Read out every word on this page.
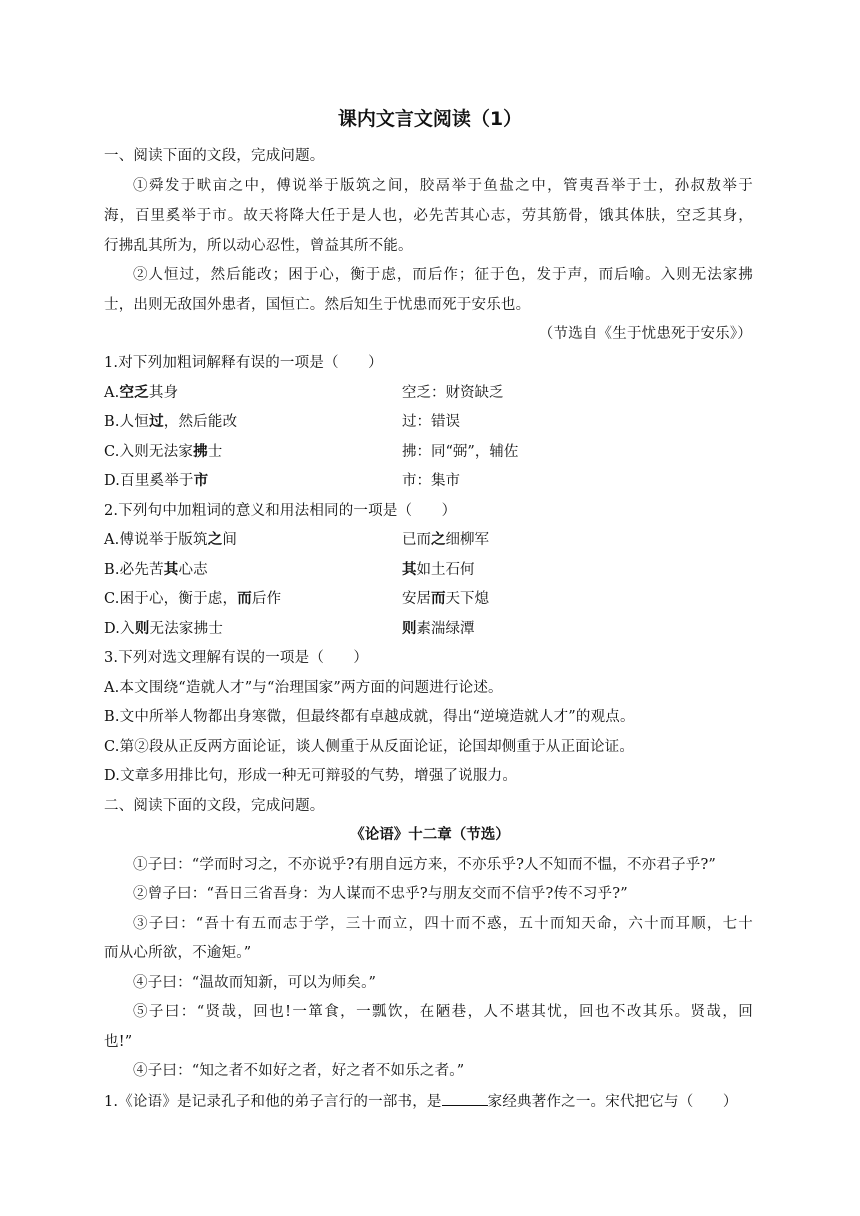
课内文言文阅读（1）
一、阅读下面的文段，完成问题。
①舜发于畎亩之中，傅说举于版筑之间，胶鬲举于鱼盐之中，管夷吾举于士，孙叔敖举于
海，百里奚举于市。故天将降大任于是人也，必先苦其心志，劳其筋骨，饿其体肤，空乏其身，
行拂乱其所为，所以动心忍性，曾益其所不能。
②人恒过，然后能改；困于心，衡于虑，而后作；征于色，发于声，而后喻。入则无法家拂
士，出则无敌国外患者，国恒亡。然后知生于忧患而死于安乐也。
（节选自《生于忧患死于安乐》）
1.对下列加粗词解释有误的一项是（　　）
A.空乏其身	空乏：财资缺乏
B.人恒过，然后能改	过：错误
C.入则无法家拂士	拂：同“弼”，辅佐
D.百里奚举于市	市：集市
2.下列句中加粗词的意义和用法相同的一项是（　　）
A.傅说举于版筑之间	已而之细柳军
B.必先苦其心志	其如土石何
C.困于心，衡于虑，而后作	安居而天下熄
D.入则无法家拂士	则素湍绿潭
3.下列对选文理解有误的一项是（　　）
A.本文围绕“造就人才”与“治理国家”两方面的问题进行论述。
B.文中所举人物都出身寒微，但最终都有卓越成就，得出“逆境造就人才”的观点。
C.第②段从正反两方面论证，谈人侧重于从反面论证，论国却侧重于从正面论证。
D.文章多用排比句，形成一种无可辩驳的气势，增强了说服力。
二、阅读下面的文段，完成问题。
《论语》十二章（节选）
①子曰：“学而时习之，不亦说乎?有朋自远方来，不亦乐乎?人不知而不愠，不亦君子乎?”
②曾子曰：“吾日三省吾身：为人谋而不忠乎?与朋友交而不信乎?传不习乎?”
③子曰：“吾十有五而志于学，三十而立，四十而不惑，五十而知天命，六十而耳顺，七十
而从心所欲，不逾矩。”
④子曰：“温故而知新，可以为师矣。”
⑤子曰：“贤哉，回也!一箪食，一瓢饮，在陋巷，人不堪其忧，回也不改其乐。贤哉，回
也!”
④子曰：“知之者不如好之者，好之者不如乐之者。”
1.《论语》是记录孔子和他的弟子言行的一部书，是	家经典著作之一。宋代把它与（　　）
